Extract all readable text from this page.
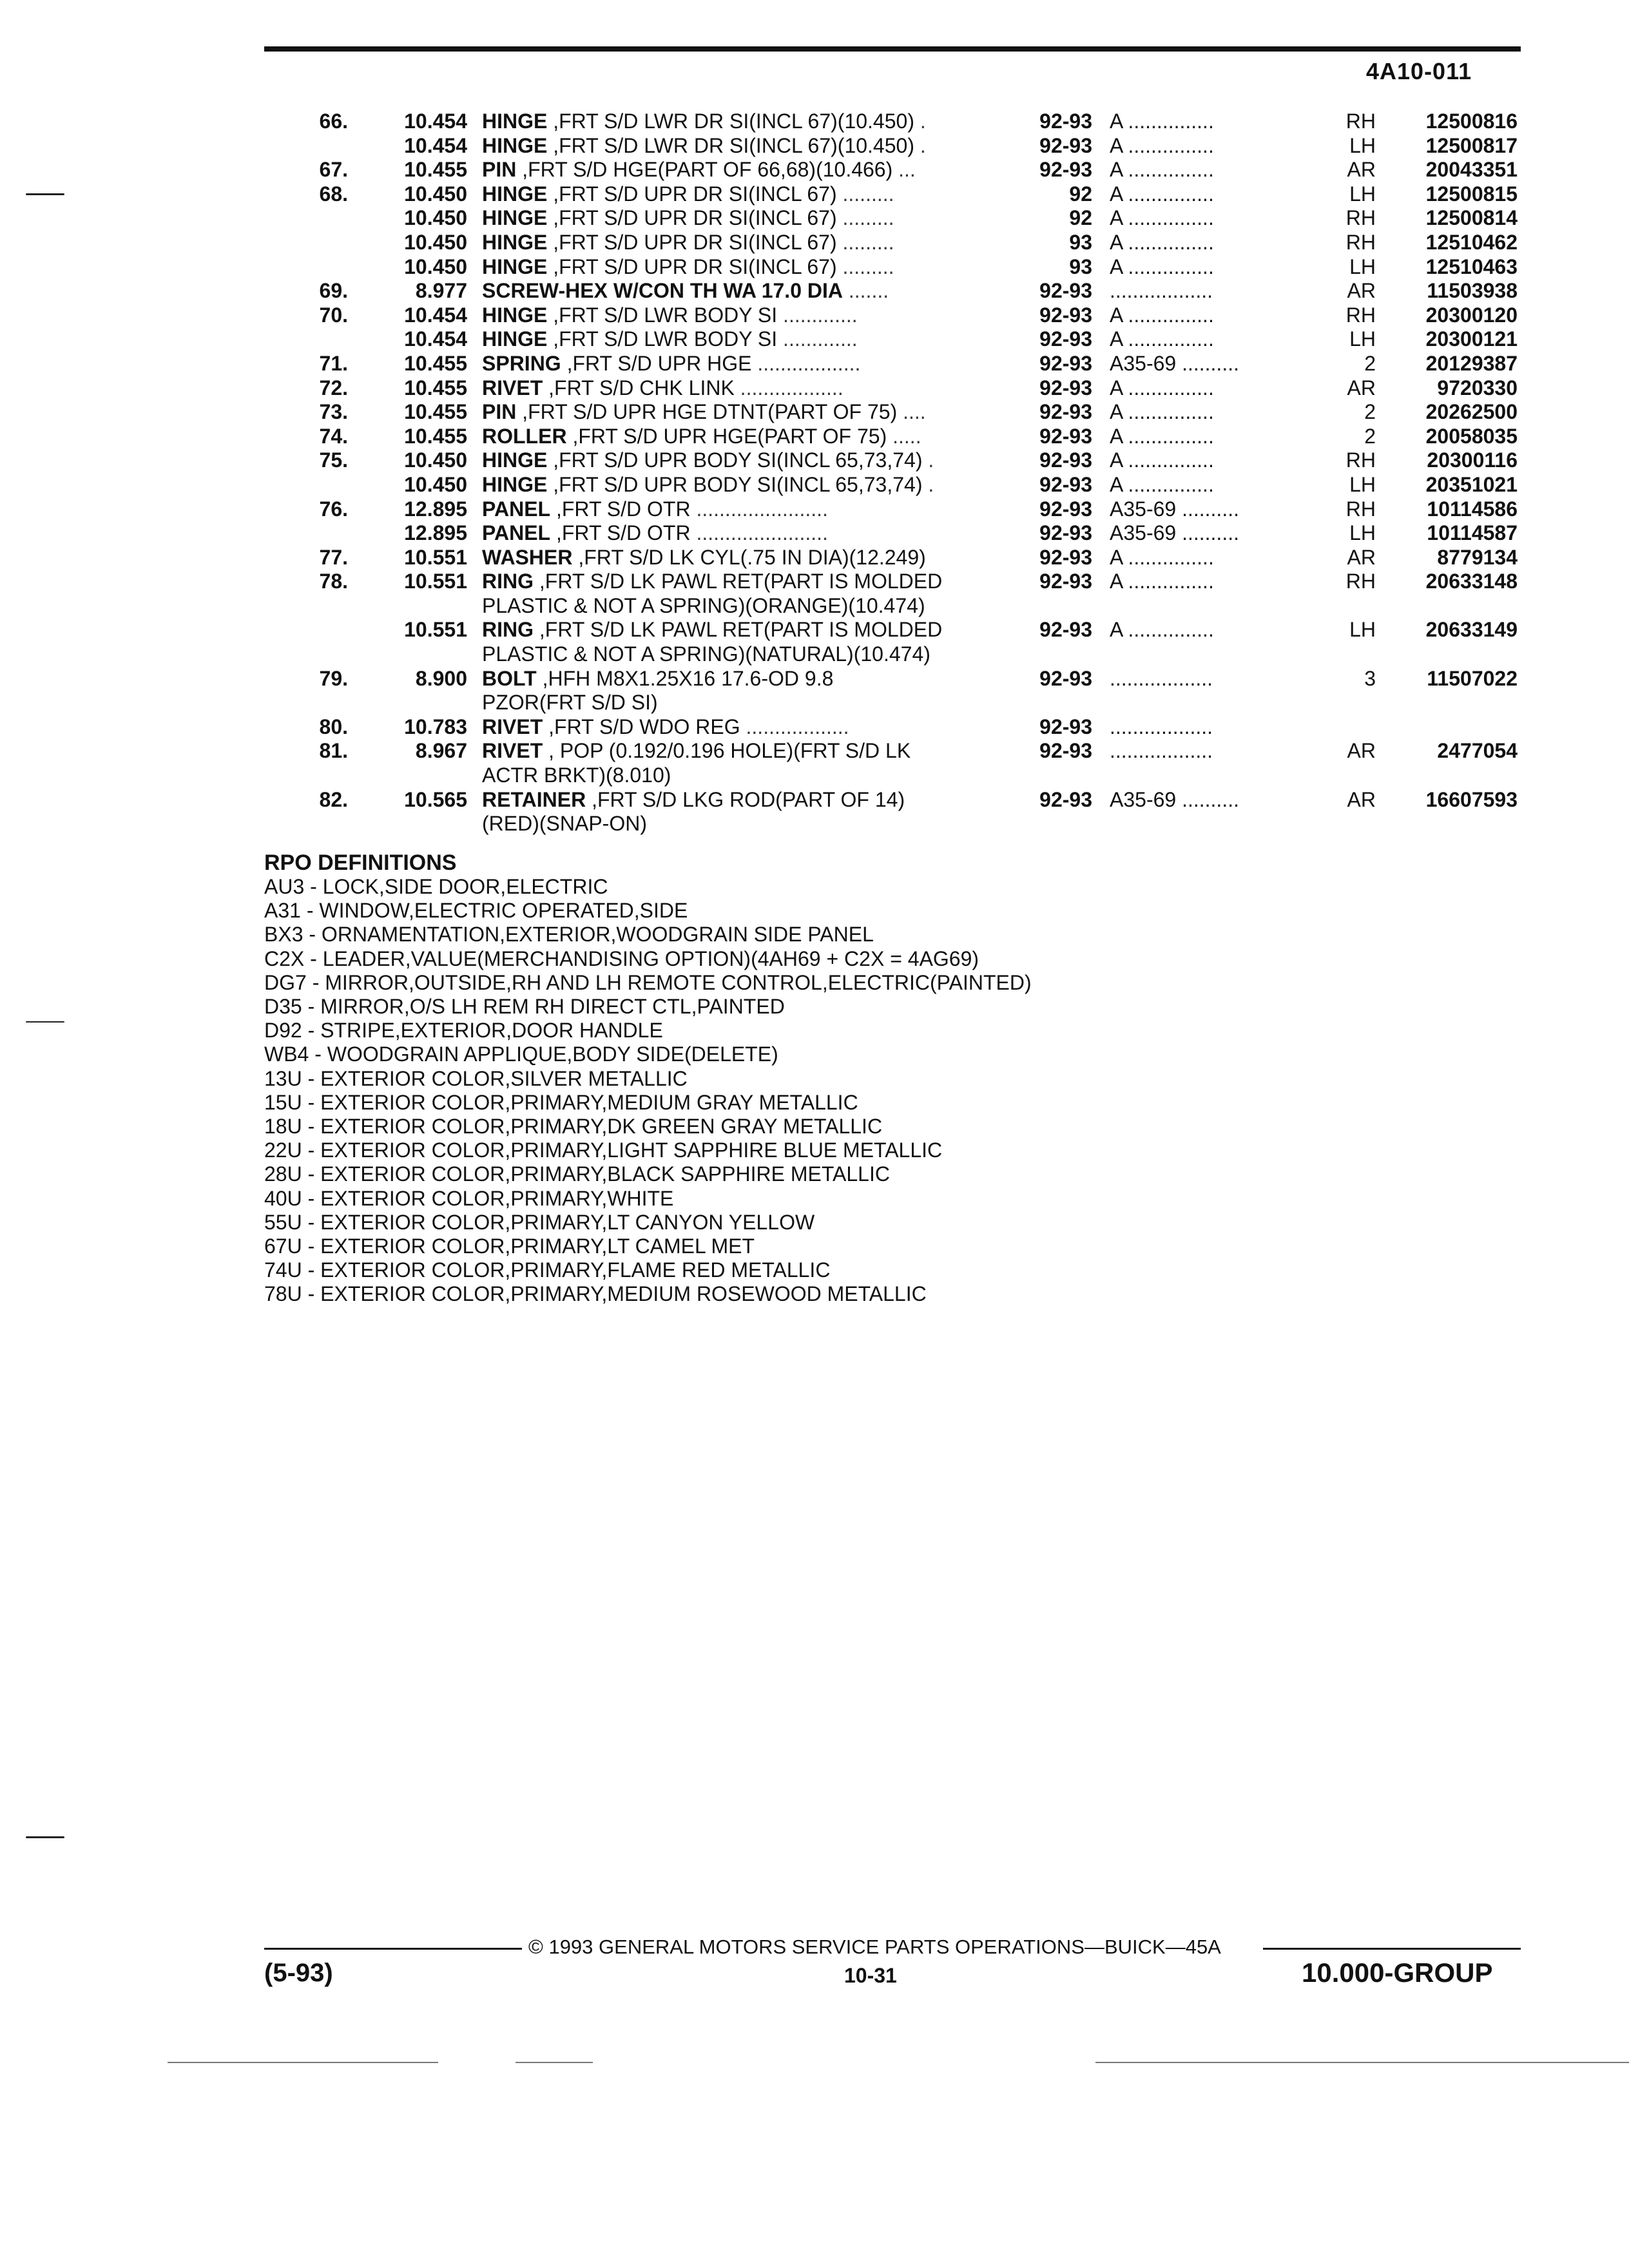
4A10-011
66.	10.454 HINGE ,FRT S/D LWR DR SI(INCL 67)(10.450) .	92-93 A ...............	RH	12500816
10.454 HINGE ,FRT S/D LWR DR SI(INCL 67)(10.450) .	92-93 A ...............	LH	12500817
67.	10.455 PIN ,FRT S/D HGE(PART OF 66,68)(10.466) ...	92-93 A ...............	AR	20043351
68.	10.450 HINGE ,FRT S/D UPR DR SI(INCL 67) .........	92 A ...............	LH	12500815
10.450 HINGE ,FRT S/D UPR DR SI(INCL 67) .........	92 A ...............	RH	12500814
10.450 HINGE ,FRT S/D UPR DR SI(INCL 67) .........	93 A ...............	RH	12510462
10.450 HINGE ,FRT S/D UPR DR SI(INCL 67) .........	93 A ...............	LH	12510463
69.	8.977 SCREW-HEX W/CON TH WA 17.0 DIA .......	92-93 ..................	AR	11503938
70.	10.454 HINGE ,FRT S/D LWR BODY SI .............	92-93 A ...............	RH	20300120
10.454 HINGE ,FRT S/D LWR BODY SI .............	92-93 A ...............	LH	20300121
71.	10.455 SPRING ,FRT S/D UPR HGE ..................	92-93 A35-69 ..........	2	20129387
72.	10.455 RIVET ,FRT S/D CHK LINK ..................	92-93 A ...............	AR	9720330
73.	10.455 PIN ,FRT S/D UPR HGE DTNT(PART OF 75) ....	92-93 A ...............	2	20262500
74.	10.455 ROLLER ,FRT S/D UPR HGE(PART OF 75) .....	92-93 A ...............	2	20058035
75.	10.450 HINGE ,FRT S/D UPR BODY SI(INCL 65,73,74) .	92-93 A ...............	RH	20300116
10.450 HINGE ,FRT S/D UPR BODY SI(INCL 65,73,74) .	92-93 A ...............	LH	20351021
76.	12.895 PANEL ,FRT S/D OTR .......................	92-93 A35-69 ..........	RH	10114586
12.895 PANEL ,FRT S/D OTR .......................	92-93 A35-69 ..........	LH	10114587
77.	10.551 WASHER ,FRT S/D LK CYL(.75 IN DIA)(12.249)	92-93 A ...............	AR	8779134
78.	10.551 RING ,FRT S/D LK PAWL RET(PART IS MOLDED	92-93 A ...............	RH	20633148
PLASTIC & NOT A SPRING)(ORANGE)(10.474)
10.551 RING ,FRT S/D LK PAWL RET(PART IS MOLDED	92-93 A ...............	LH	20633149
PLASTIC & NOT A SPRING)(NATURAL)(10.474)
79.	8.900 BOLT ,HFH M8X1.25X16 17.6-OD 9.8	92-93 ..................	3	11507022
PZOR(FRT S/D SI)
80.	10.783 RIVET ,FRT S/D WDO REG ..................	92-93 ..................
81.	8.967 RIVET , POP (0.192/0.196 HOLE)(FRT S/D LK	92-93 ..................	AR	2477054
ACTR BRKT)(8.010)
82.	10.565 RETAINER ,FRT S/D LKG ROD(PART OF 14)	92-93 A35-69 ..........	AR	16607593
(RED)(SNAP-ON)
RPO DEFINITIONS
AU3 - LOCK,SIDE DOOR,ELECTRIC
A31 - WINDOW,ELECTRIC OPERATED,SIDE
BX3 - ORNAMENTATION,EXTERIOR,WOODGRAIN SIDE PANEL
C2X - LEADER,VALUE(MERCHANDISING OPTION)(4AH69 + C2X = 4AG69)
DG7 - MIRROR,OUTSIDE,RH AND LH REMOTE CONTROL,ELECTRIC(PAINTED)
D35 - MIRROR,O/S LH REM RH DIRECT CTL,PAINTED
D92 - STRIPE,EXTERIOR,DOOR HANDLE
WB4 - WOODGRAIN APPLIQUE,BODY SIDE(DELETE)
13U - EXTERIOR COLOR,SILVER METALLIC
15U - EXTERIOR COLOR,PRIMARY,MEDIUM GRAY METALLIC
18U - EXTERIOR COLOR,PRIMARY,DK GREEN GRAY METALLIC
22U - EXTERIOR COLOR,PRIMARY,LIGHT SAPPHIRE BLUE METALLIC
28U - EXTERIOR COLOR,PRIMARY,BLACK SAPPHIRE METALLIC
40U - EXTERIOR COLOR,PRIMARY,WHITE
55U - EXTERIOR COLOR,PRIMARY,LT CANYON YELLOW
67U - EXTERIOR COLOR,PRIMARY,LT CAMEL MET
74U - EXTERIOR COLOR,PRIMARY,FLAME RED METALLIC
78U - EXTERIOR COLOR,PRIMARY,MEDIUM ROSEWOOD METALLIC
© 1993 GENERAL MOTORS SERVICE PARTS OPERATIONS—BUICK—45A
(5-93)	10-31	10.000-GROUP
